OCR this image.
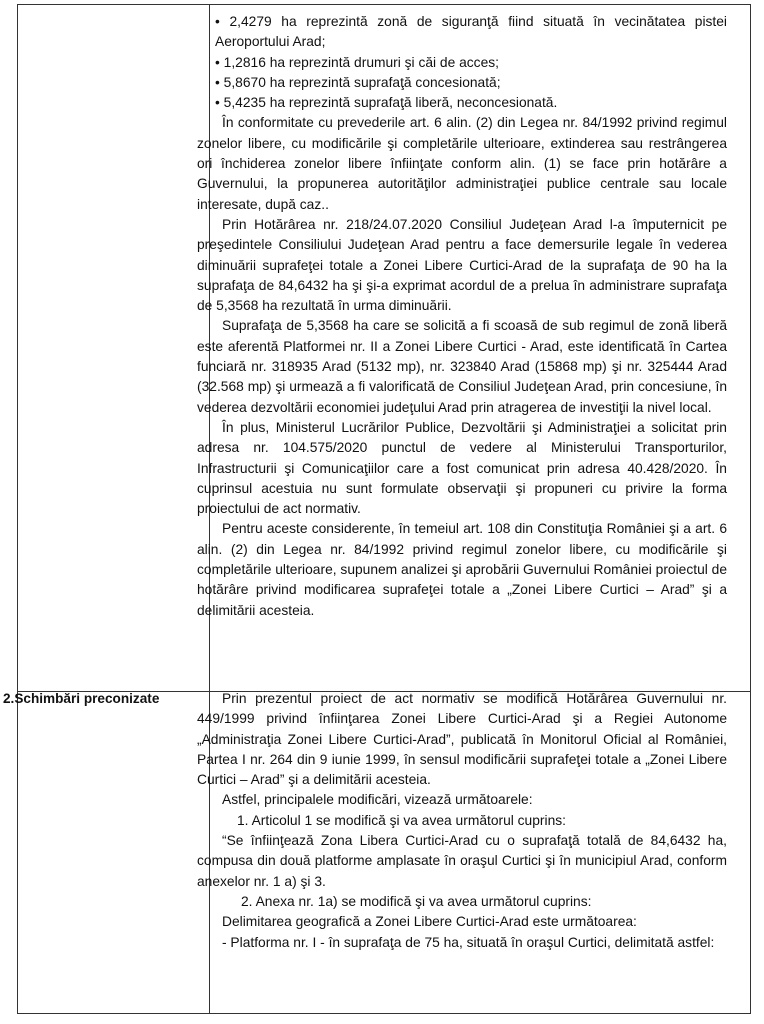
• 2,4279 ha reprezintă zonă de siguranţă fiind situată în vecinătatea pistei Aeroportului Arad;

• 1,2816 ha reprezintă drumuri şi căi de acces;

• 5,8670 ha reprezintă suprafaţă concesionată;

• 5,4235 ha reprezintă suprafaţă liberă, neconcesionată.

În conformitate cu prevederile art. 6 alin. (2) din Legea nr. 84/1992 privind regimul zonelor libere, cu modificările şi completările ulterioare, extinderea sau restrângerea ori închiderea zonelor libere înfiinţate conform alin. (1) se face prin hotărâre a Guvernului, la propunerea autorităţilor administraţiei publice centrale sau locale interesate, după caz..

Prin Hotărârea nr. 218/24.07.2020 Consiliul Judeţean Arad l-a împuternicit pe preşedintele Consiliului Judeţean Arad pentru a face demersurile legale în vederea diminuării suprafeţei totale a Zonei Libere Curtici-Arad de la suprafaţa de 90 ha la suprafaţa de 84,6432 ha şi şi-a exprimat acordul de a prelua în administrare suprafaţa de 5,3568 ha rezultată în urma diminuării.

Suprafaţa de 5,3568 ha care se solicită a fi scoasă de sub regimul de zonă liberă este aferentă Platformei nr. II a Zonei Libere Curtici - Arad, este identificată în Cartea funciară nr. 318935 Arad (5132 mp), nr. 323840 Arad (15868 mp) şi nr. 325444 Arad (32.568 mp) şi urmează a fi valorificată de Consiliul Judeţean Arad, prin concesiune, în vederea dezvoltării economiei judeţului Arad prin atragerea de investiţii la nivel local.

În plus, Ministerul Lucrărilor Publice, Dezvoltării şi Administraţiei a solicitat prin adresa nr. 104.575/2020 punctul de vedere al Ministerului Transporturilor, Infrastructurii şi Comunicaţiilor care a fost comunicat prin adresa 40.428/2020. În cuprinsul acestuia nu sunt formulate observaţii şi propuneri cu privire la forma proiectului de act normativ.

Pentru aceste considerente, în temeiul art. 108 din Constituţia României şi a art. 6 alin. (2) din Legea nr. 84/1992 privind regimul zonelor libere, cu modificările şi completările ulterioare, supunem analizei şi aprobării Guvernului României proiectul de hotărâre privind modificarea suprafeţei totale a „Zonei Libere Curtici – Arad” şi a delimitării acesteia.

2.Schimbări preconizate	Prin prezentul proiect de act normativ se modifică Hotărârea Guvernului nr. 449/1999 privind înfiinţarea Zonei Libere Curtici-Arad şi a Regiei Autonome „Administraţia Zonei Libere Curtici-Arad”, publicată în Monitorul Oficial al României, Partea I nr. 264 din 9 iunie 1999, în sensul modificării suprafeţei totale a „Zonei Libere Curtici – Arad” şi a delimitării acesteia.

Astfel, principalele modificări, vizează următoarele:

1. Articolul 1 se modifică şi va avea următorul cuprins:

“Se înfiinţează Zona Libera Curtici-Arad cu o suprafaţă totală de 84,6432 ha, compusa din două platforme amplasate în oraşul Curtici şi în municipiul Arad, conform anexelor nr. 1 a) şi 3.

2. Anexa nr. 1a) se modifică şi va avea următorul cuprins:

Delimitarea geografică a Zonei Libere Curtici-Arad este următoarea:

- Platforma nr. I - în suprafaţa de 75 ha, situată în oraşul Curtici, delimitată astfel:
